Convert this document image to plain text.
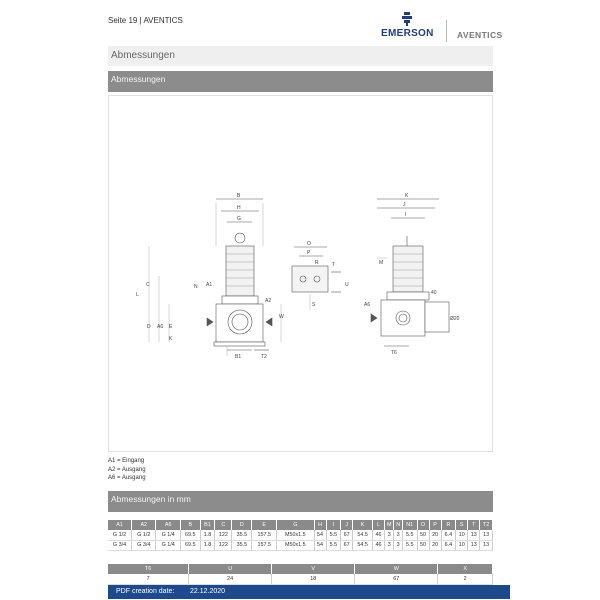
Seite 19 | AVENTICS
EMERSON	AVENTICS
Abmessungen
Abmessungen
B
H
G
C
L
N A1
E
A2
W
D
K
A6
B1	T2
O
P
R	T
S
U
K
J
I
M
40
A6
Ø20
T6
A1 = Eingang
A2 = Ausgang
A6 = Ausgang
Abmessungen in mm
A1	A2	A6	B	B1	C	D	E	G	H	I	J	K	L	M	N	N1	O	P	R	S	T	T2
G 1/2	G 1/2	G 1/4	69.5	1.8	122	35.5	157.5	M50x1.5	54	5.5	67	54.5	46	3	3	5.5	50	20	6.4	10	13	13
G 3/4	G 3/4	G 1/4	69.5	1.8	122	35.5	157.5	M50x1.5	54	5.5	67	54.5	46	3	3	5.5	50	20	6.4	10	13	13
T6	U	V	W	X
7	24	18	67	2
PDF creation date: 22.12.2020
